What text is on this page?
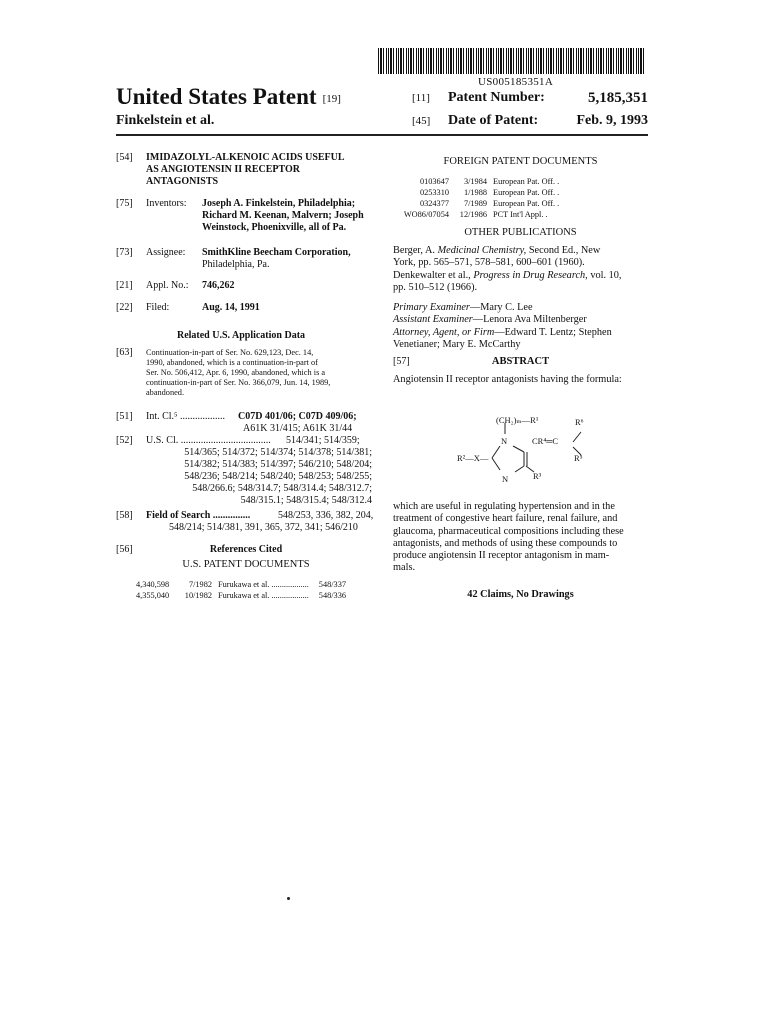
US005185351A
United States Patent [19]
Finkelstein et al.
[11] Patent Number:	5,185,351
[45] Date of Patent:	Feb. 9, 1993
[54] IMIDAZOLYL-ALKENOIC ACIDS USEFUL
AS ANGIOTENSIN II RECEPTOR
ANTAGONISTS
[75] Inventors: Joseph A. Finkelstein, Philadelphia;
Richard M. Keenan, Malvern; Joseph
Weinstock, Phoenixville, all of Pa.
[73] Assignee: SmithKline Beecham Corporation,
Philadelphia, Pa.
[21] Appl. No.: 746,262
[22] Filed:	Aug. 14, 1991
Related U.S. Application Data
[63] Continuation-in-part of Ser. No. 629,123, Dec. 14,
1990, abandoned, which is a continuation-in-part of
Ser. No. 506,412, Apr. 6, 1990, abandoned, which is a
continuation-in-part of Ser. No. 366,079, Jun. 14, 1989,
abandoned.
[51] Int. Cl.⁵ .................. C07D 401/06; C07D 409/06;
A61K 31/415; A61K 31/44
[52] U.S. Cl. .................................... 514/341; 514/359;
514/365; 514/372; 514/374; 514/378; 514/381;
514/382; 514/383; 514/397; 546/210; 548/204;
548/236; 548/214; 548/240; 548/253; 548/255;
548/266.6; 548/314.7; 548/314.4; 548/312.7;
548/315.1; 548/315.4; 548/312.4
[58] Field of Search ...............	548/253, 336, 382, 204,
548/214; 514/381, 391, 365, 372, 341; 546/210
[56]	References Cited
U.S. PATENT DOCUMENTS
4,340,598 7/1982 Furukawa et al. .................. 548/337
4,355,040 10/1982 Furukawa et al. .................. 548/336
FOREIGN PATENT DOCUMENTS
0103647 3/1984 European Pat. Off. .
0253310 1/1988 European Pat. Off. .
0324377 7/1989 European Pat. Off. .
WO86/07054 12/1986 PCT Int'l Appl. .
OTHER PUBLICATIONS

Berger, A. Medicinal Chemistry, Second Ed., New

York, pp. 565–571, 578–581, 600–601 (1960).

Denkewalter et al., Progress in Drug Research, vol. 10,

pp. 510–512 (1966).

Primary Examiner—Mary C. Lee

Assistant Examiner—Lenora Ava Miltenberger

Attorney, Agent, or Firm—Edward T. Lentz; Stephen

Venetianer; Mary E. McCarthy

[57]	ABSTRACT
Angiotensin II receptor antagonists having the formula:
(CH₂)ₘ—R¹	R⁶
N	CR⁴═C
R⁵
R²—X—
N	R³
which are useful in regulating hypertension and in the
treatment of congestive heart failure, renal failure, and
glaucoma, pharmaceutical compositions including these
antagonists, and methods of using these compounds to
produce angiotensin II receptor antagonism in mam-
mals.
42 Claims, No Drawings
